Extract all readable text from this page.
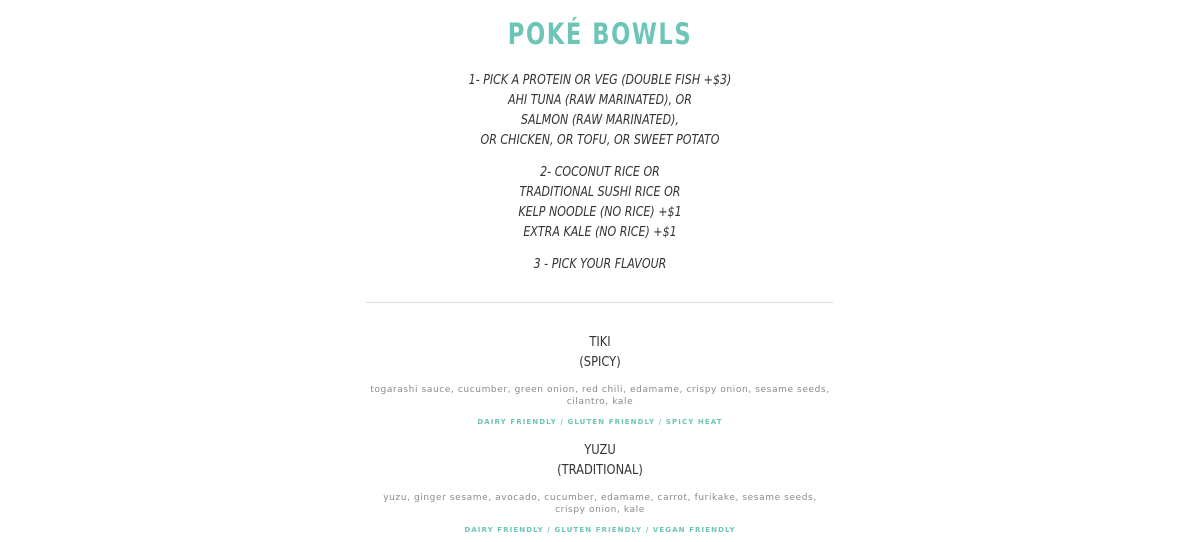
POKÉ BOWLS
1- PICK A PROTEIN OR VEG (DOUBLE FISH +$3)
AHI TUNA (RAW MARINATED), OR
SALMON (RAW MARINATED),
OR CHICKEN, OR TOFU, OR SWEET POTATO
2- COCONUT RICE OR
TRADITIONAL SUSHI RICE OR
KELP NOODLE (NO RICE) +$1
EXTRA KALE (NO RICE) +$1
3 - PICK YOUR FLAVOUR
TIKI
(SPICY)
togarashi sauce, cucumber, green onion, red chili, edamame, crispy onion, sesame seeds, cilantro, kale
DAIRY FRIENDLY / GLUTEN FRIENDLY / SPICY HEAT
YUZU
(TRADITIONAL)
yuzu, ginger sesame, avocado, cucumber, edamame, carrot, furikake, sesame seeds, crispy onion, kale
DAIRY FRIENDLY / GLUTEN FRIENDLY / VEGAN FRIENDLY
